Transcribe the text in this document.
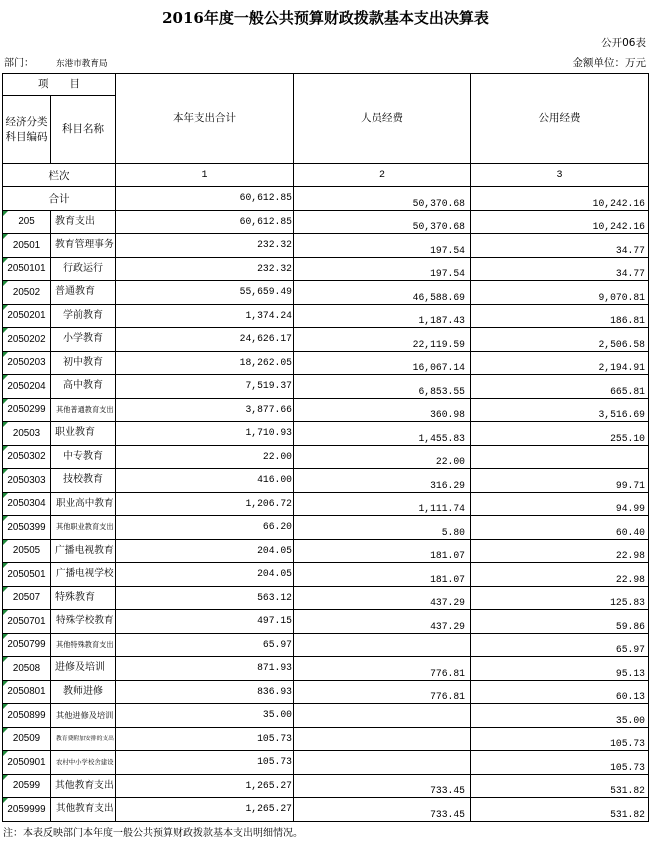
2016年度一般公共预算财政拨款基本支出决算表
公开06表
部门：	东港市教育局	金额单位：万元
项　　目		本年支出合计	人员经费	公用经费

经济分类科目编码	科目名称			
栏次		1	2	3
合计		60,612.85	50,370.68	10,242.16
205	教育支出	60,612.85	50,370.68	10,242.16
20501	教育管理事务	232.32	197.54	34.77
2050101	行政运行	232.32	197.54	34.77
20502	普通教育	55,659.49	46,588.69	9,070.81
2050201	学前教育	1,374.24	1,187.43	186.81
2050202	小学教育	24,626.17	22,119.59	2,506.58
2050203	初中教育	18,262.05	16,067.14	2,194.91
2050204	高中教育	7,519.37	6,853.55	665.81
2050299	其他普通教育支出	3,877.66	360.98	3,516.69
20503	职业教育	1,710.93	1,455.83	255.10
2050302	中专教育	22.00	22.00	
2050303	技校教育	416.00	316.29	99.71
2050304	职业高中教育	1,206.72	1,111.74	94.99
2050399	其他职业教育支出	66.20	5.80	60.40
20505	广播电视教育	204.05	181.07	22.98
2050501	广播电视学校	204.05	181.07	22.98
20507	特殊教育	563.12	437.29	125.83
2050701	特殊学校教育	497.15	437.29	59.86
2050799	其他特殊教育支出	65.97		65.97
20508	进修及培训	871.93	776.81	95.13
2050801	教师进修	836.93	776.81	60.13
2050899	其他进修及培训	35.00		35.00
20509	教育费附加安排的支出	105.73		105.73
2050901	农村中小学校舍建设	105.73		105.73
20599	其他教育支出	1,265.27	733.45	531.82
2059999	其他教育支出	1,265.27	733.45	531.82
注：本表反映部门本年度一般公共预算财政拨款基本支出明细情况。
